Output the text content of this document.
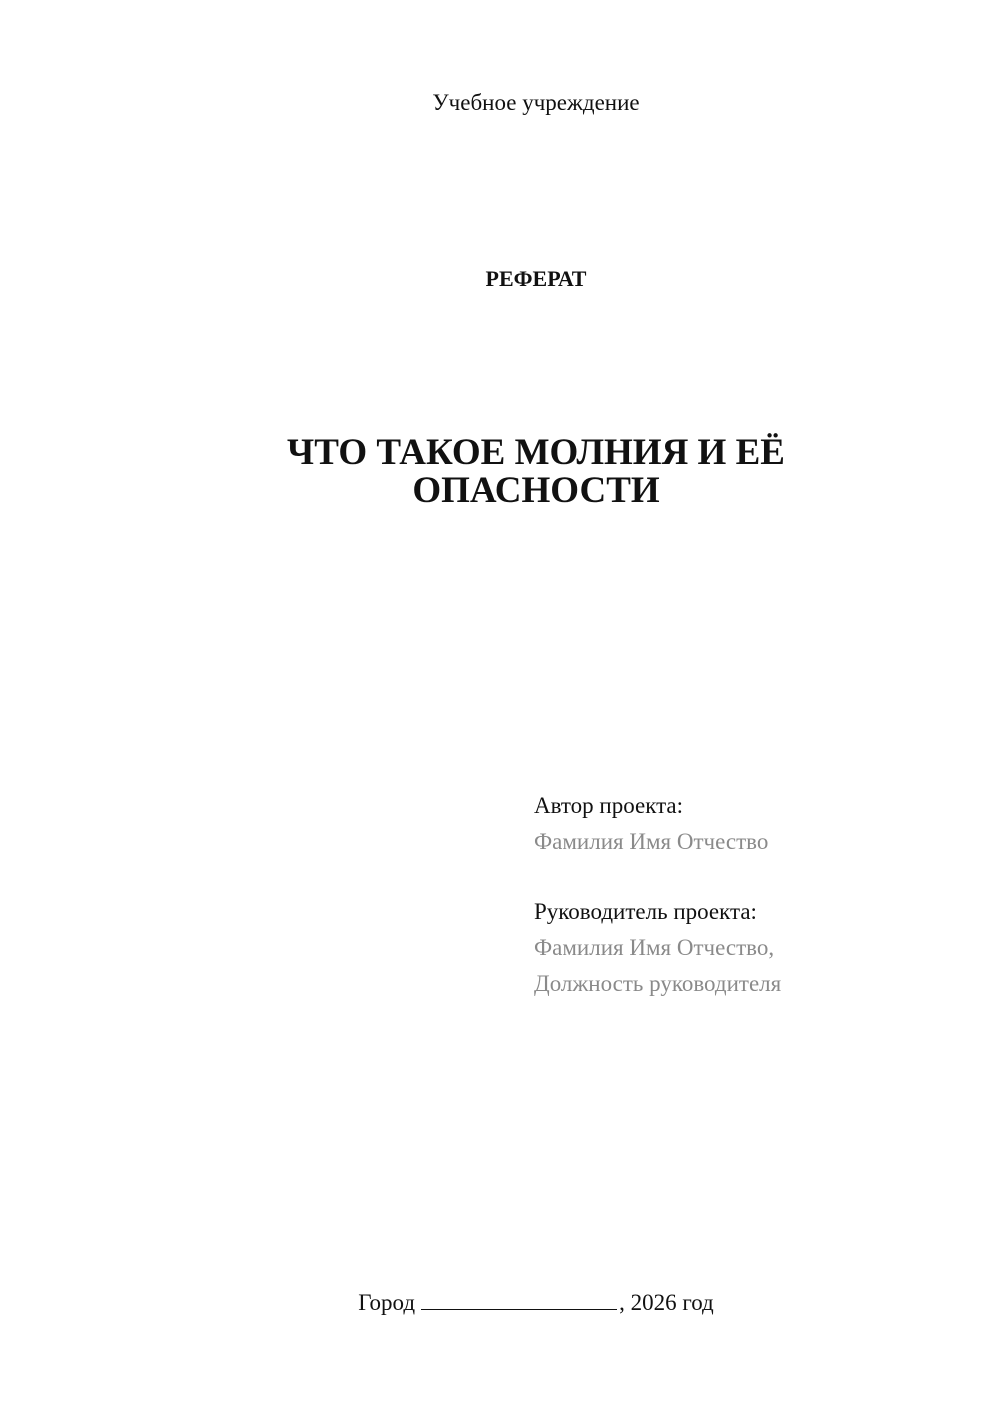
Учебное учреждение

РЕФЕРАТ

ЧТО ТАКОЕ МОЛНИЯ И ЕЁ
ОПАСНОСТИ
Автор проекта:
Фамилия Имя Отчество
Руководитель проекта:
Фамилия Имя Отчество,
Должность руководителя

Город	, 2026 год
